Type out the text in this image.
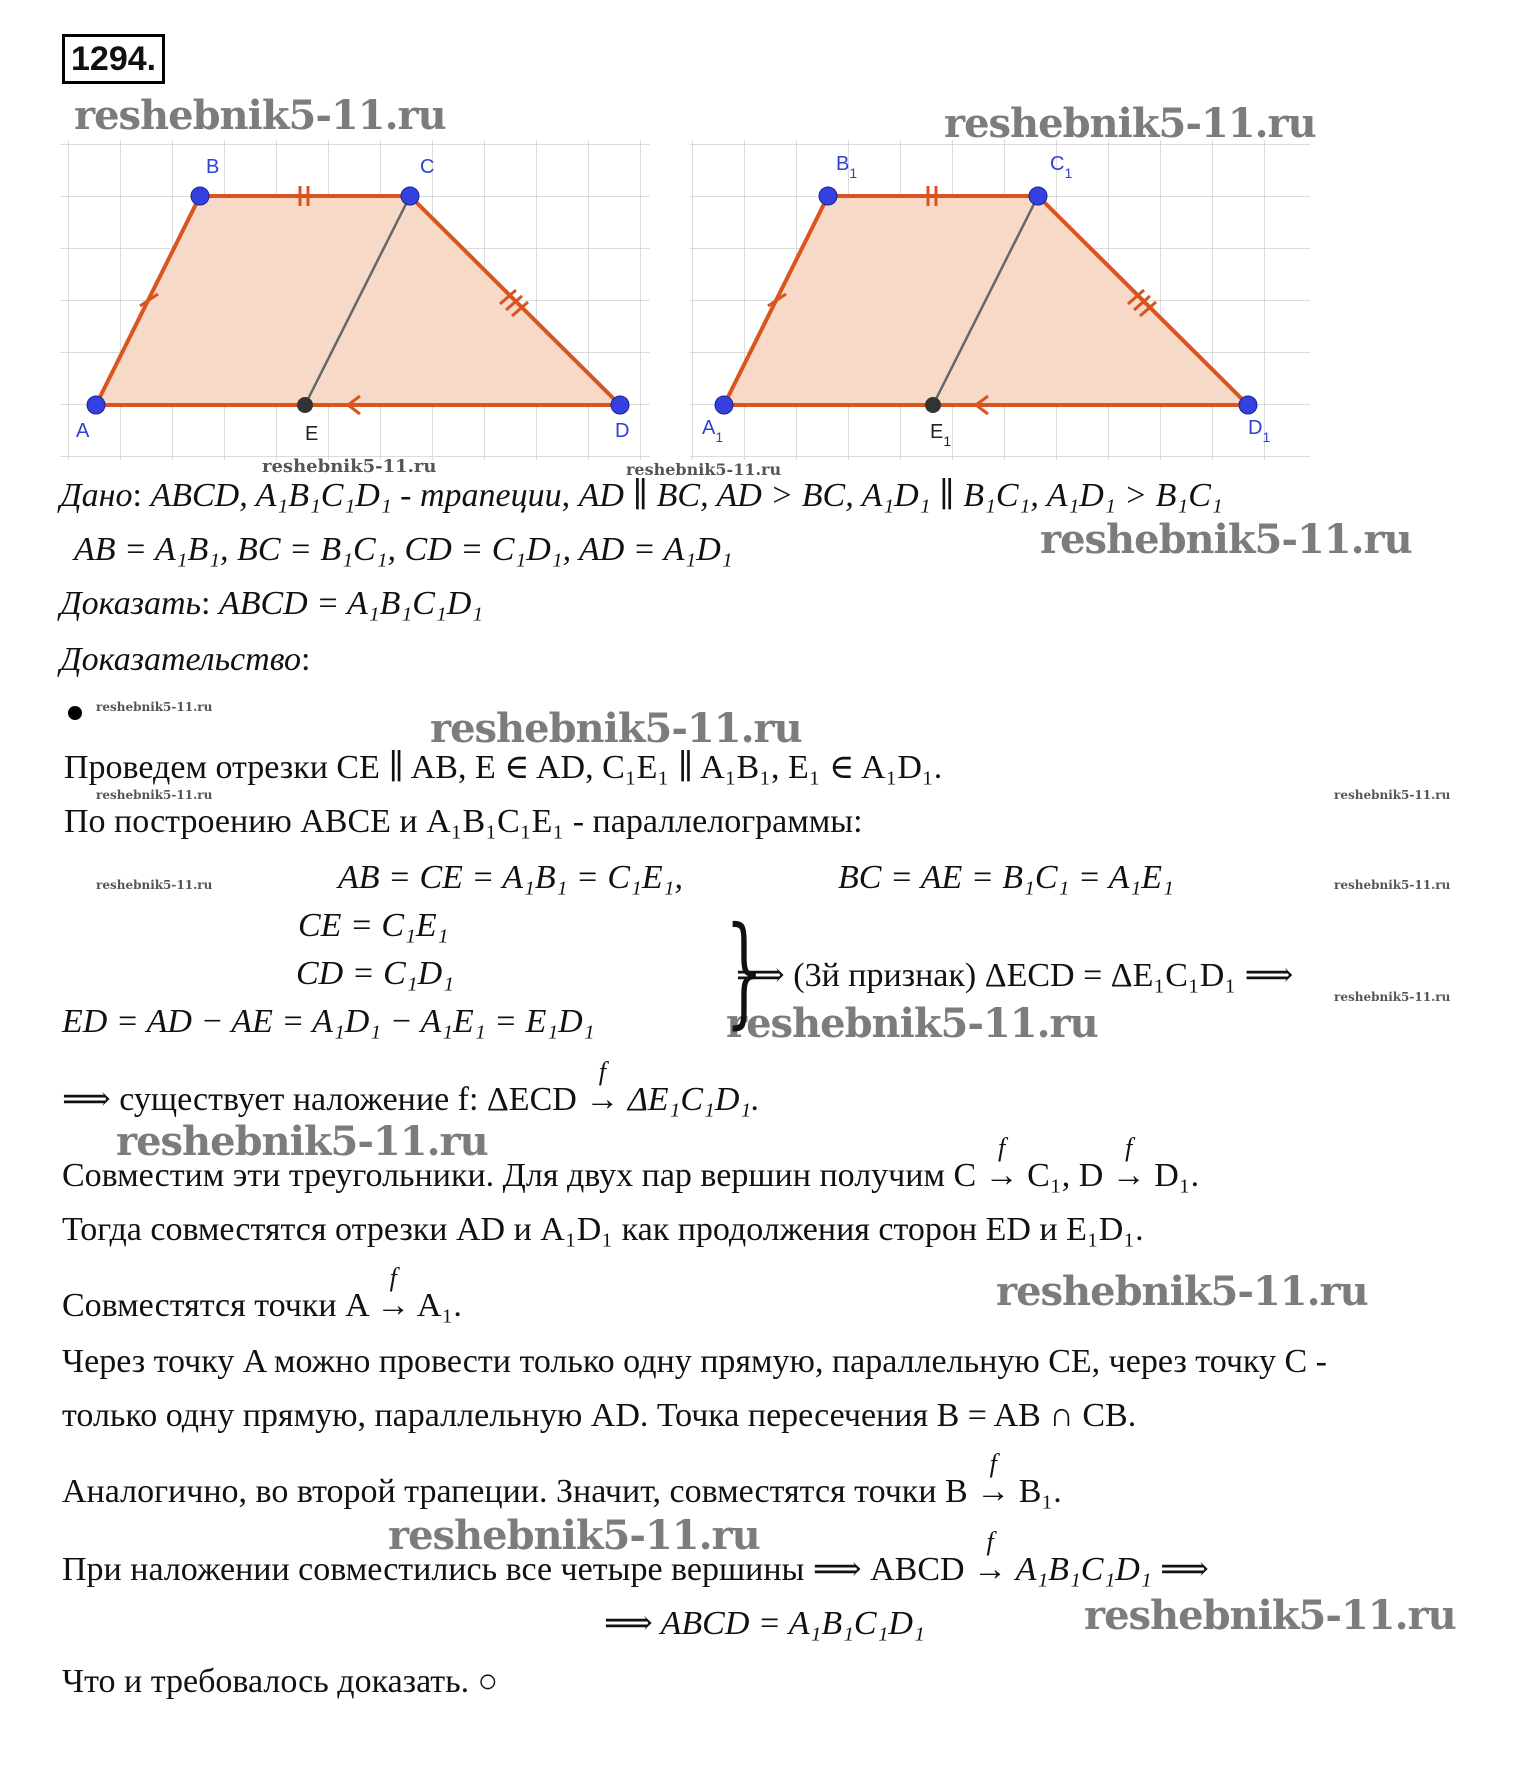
1294.
A
B	C
D
E	$A_1$
$B_1$	$C_1$
$D_1$
$E_1$
reshebnik5-11.ru	reshebnik5-11.ru
reshebnik5-11.ru	reshebnik5-11.ru
reshebnik5-11.ru
reshebnik5-11.ru	reshebnik5-11.ru
reshebnik5-11.ru	reshebnik5-11.ru
reshebnik5-11.ru	reshebnik5-11.ru
reshebnik5-11.ru
reshebnik5-11.ru
reshebnik5-11.ru
reshebnik5-11.ru
reshebnik5-11.ru
reshebnik5-11.ru
Дано: ABCD, A₁B₁C₁D₁ - трапеции, AD ∥ BC, AD > BC, A₁D₁ ∥ B₁C₁, A₁D₁ > B₁C₁
AB = A₁B₁, BC = B₁C₁, CD = C₁D₁, AD = A₁D₁
Доказать: ABCD = A₁B₁C₁D₁
Доказательство:
Проведем отрезки CE ∥ AB, E ∈ AD, C₁E₁ ∥ A₁B₁, E₁ ∈ A₁D₁.
По построению ABCE и A₁B₁C₁E₁ - параллелограммы:
AB = CE = A₁B₁ = C₁E₁,	BC = AE = B₁C₁ = A₁E₁
CE = C₁E₁
CD = C₁D₁
ED = AD − AE = A₁D₁ − A₁E₁ = E₁D₁ }
⟹ (3й признак) ΔECD = ΔE₁C₁D₁ ⟹
⟹ существует наложение f: ΔECD
f
→ ΔE₁C₁D₁.
Совместим эти треугольники. Для двух пар вершин получим C
f
→ C₁, D
f
→ D₁.
Тогда совместятся отрезки AD и A₁D₁ как продолжения сторон ED и E₁D₁.
Совместятся точки A
f
→ A₁.
Через точку A можно провести только одну прямую, параллельную CE, через точку C -
только одну прямую, параллельную AD. Точка пересечения B = AB ∩ CB.
Аналогично, во второй трапеции. Значит, совместятся точки B
f
→ B₁.
При наложении совместились все четыре вершины ⟹ ABCD
f
→ A₁B₁C₁D₁ ⟹
⟹ ABCD = A₁B₁C₁D₁
Что и требовалось доказать. ○
